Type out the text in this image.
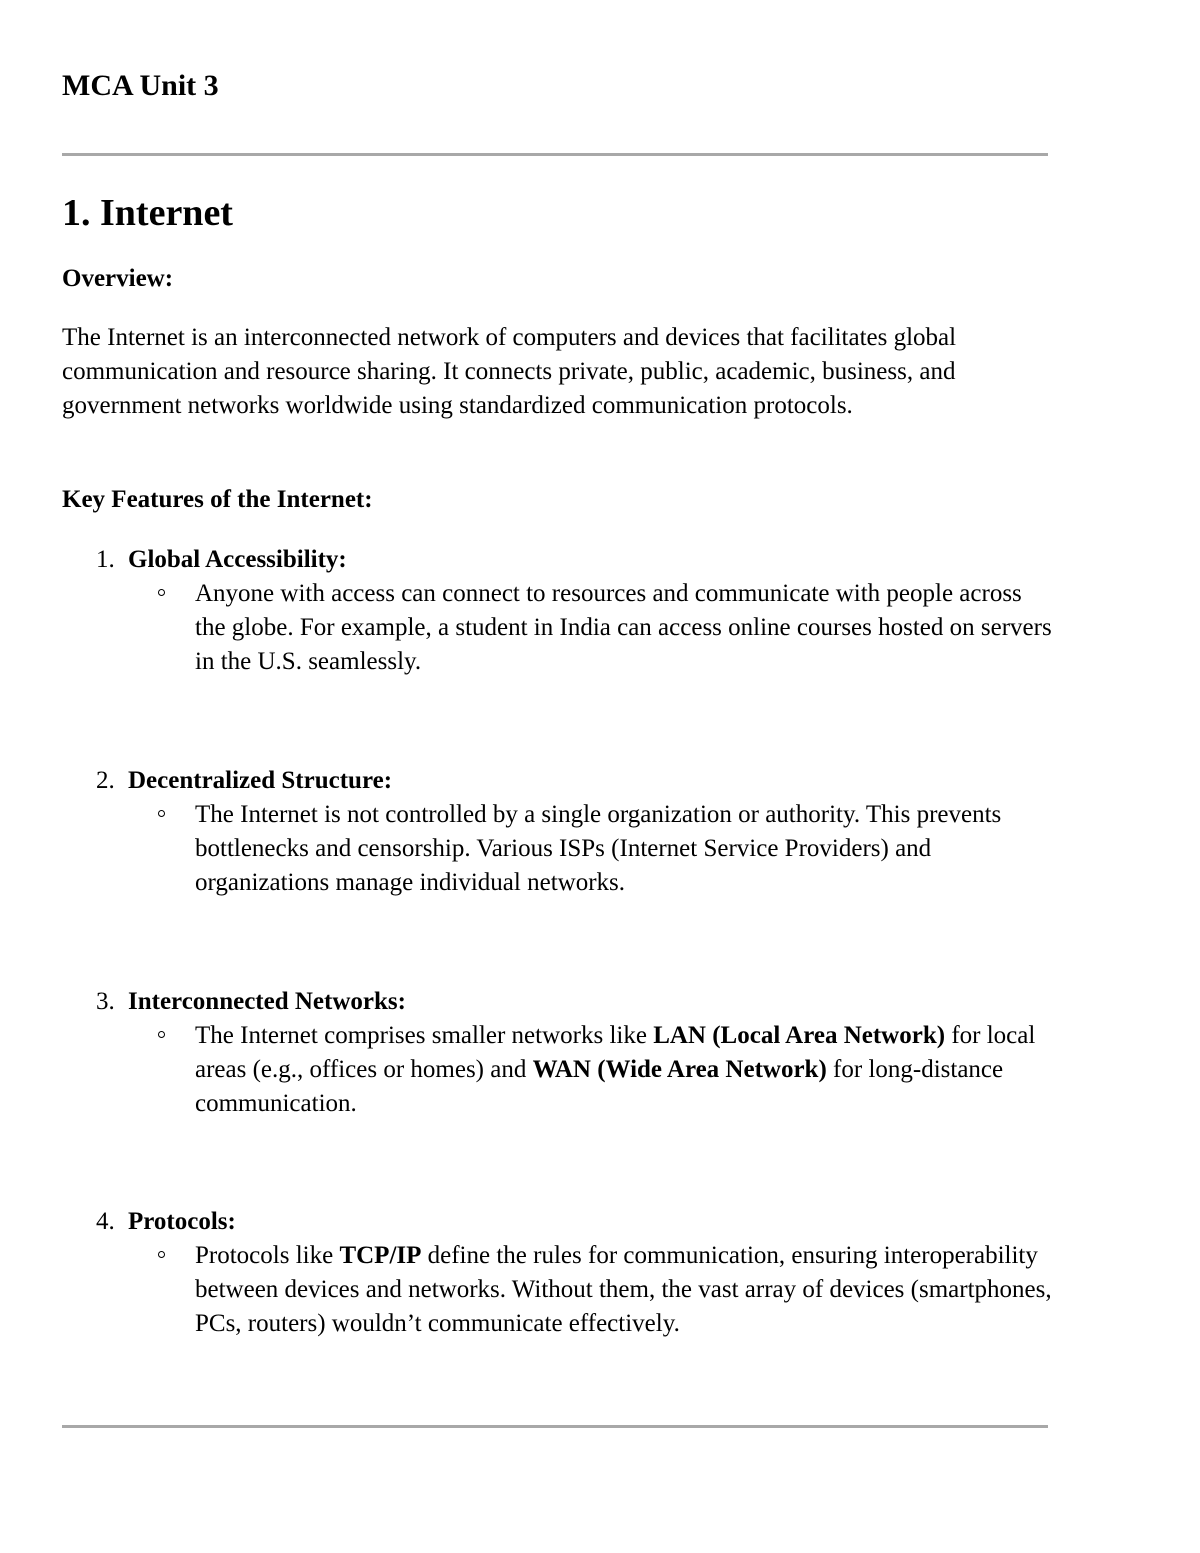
MCA Unit 3
1. Internet

Overview:

The Internet is an interconnected network of computers and devices that facilitates global communication and resource sharing. It connects private, public, academic, business, and government networks worldwide using standardized communication protocols.

Key Features of the Internet:

1. Global Accessibility:
Anyone with access can connect to resources and communicate with people across the globe. For example, a student in India can access online courses hosted on servers in the U.S. seamlessly.
2. Decentralized Structure:
The Internet is not controlled by a single organization or authority. This prevents bottlenecks and censorship. Various ISPs (Internet Service Providers) and organizations manage individual networks.
3. Interconnected Networks:
The Internet comprises smaller networks like LAN (Local Area Network) for local areas (e.g., offices or homes) and WAN (Wide Area Network) for long-distance communication.
4. Protocols:
Protocols like TCP/IP define the rules for communication, ensuring interoperability between devices and networks. Without them, the vast array of devices (smartphones, PCs, routers) wouldn’t communicate effectively.
